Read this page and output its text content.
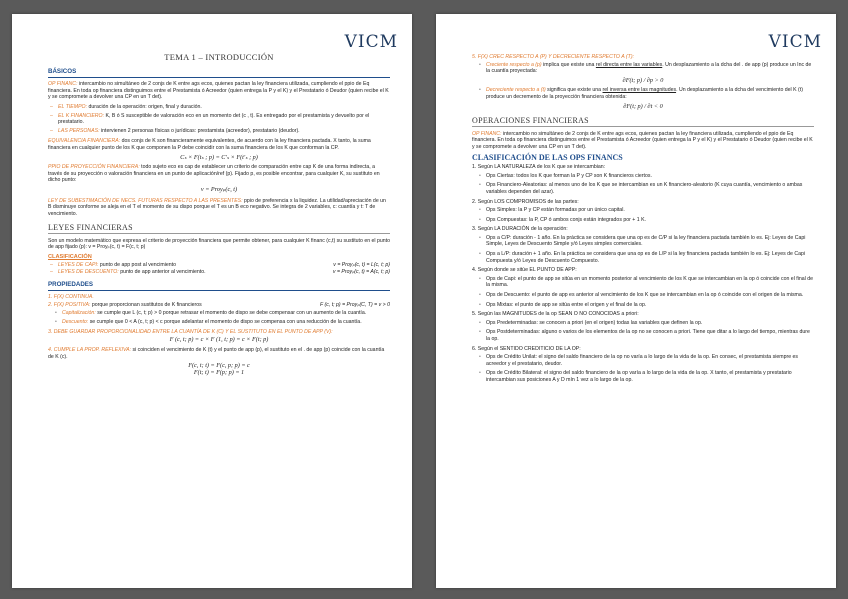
VICM
TEMA 1 – INTRODUCCIÓN
BÁSICOS

OP FINANC: intercambio no simultáneo de 2 conjs de K entre ags ecos, quienes pactan la ley financiera utilizada, cumpliendo el ppio de Eq financiera. En toda op financiera distinguimos entre el Prestamista ó Acreedor (quien entrega la P y el K) y el Prestatario ó Deudor (quien recibe el K y se compromete a devolver una CP en un T det).

– EL TIEMPO: duración de la operación: origen, final y duración.
– EL K FINANCIERO: K, B ó S susceptible de valoración eco en un momento det (c , t). Es entregado por el prestamista y devuelto por el prestatario.
– LAS PERSONAS: intervienen 2 personas físicas o jurídicas: prestamista (acreedor), prestatario (deudor).

EQUIVALENCIA FINANCIERA: dos conjs de K son financieramente equivalentes, de acuerdo con la ley financiera pactada. X tanto, la suma financiera en cualquier punto de los K que componen la P debe coincidir con la suma financiera de los K que conforman la CP.

Cₛ × F(tₛ ; p) = C'ₛ × F(t'ₛ ; p)

PPIO DE PROYECCIÓN FINANCIERA: todo sujeto eco es cap de establecer un criterio de comparación entre cap K de una forma indirecta, a través de su proyección o valoración financiera en un punto de aplicación/ref (p). Fijado p, es posible encontrar, para cualquier K, su sustituto en dicho punto:

v = Proyₚ(c, t)

LEY DE SUBESTIMACIÓN DE NECS. FUTURAS RESPECTO A LAS PRESENTES: ppio de preferencia x la liquidez. La utilidad/apreciación de un B disminuye conforme se aleja en el T el momento de su dispo porque el T es un B eco negativo. Se integra de 2 variables, c: cuantía y t: T de vencimiento.

LEYES FINANCIERAS

Son un modelo matemático que expresa el criterio de proyección financiera que permite obtener, para cualquier K financ (c,t) su sustituto en el punto de app fijado (p): v = Proyₚ(c, t) = F(c, t; p)

CLASIFICACIÓN
– LEYES DE CAPI: punto de app post al vencimiento	v = Proyₚ(c, t) = L(c, t; p)
– LEYES DE DESCUENTO: punto de app anterior al vencimiento.	v = Proyₚ(c, t) = A(c, t; p)
PROPIEDADES
1. F(X) CONTINUA.
2. F(X) POSITIVA: porque proporcionan sustitutos de K financieros	F (c, t; p) = Proyₚ(C, T) = v > 0
• Capitalización: se cumple que L (c, t; p) > 0 porque retrasar el momento de dispo se debe compensar con un aumento de la cuantía.
• Descuento: se cumple que 0 < A (c, t; p) < c porque adelantar el momento de dispo se compensa con una reducción de la cuantía.
3. DEBE GUARDAR PROPORCIONALIDAD ENTRE LA CUANTÍA DE K (C) Y EL SUSTITUTO EN EL PUNTO DE APP (V):
F (c, t; p) = c × F (1, t; p) = c × F(t; p)

4. CUMPLE LA PROP. REFLEXIVA: si coinciden el vencimiento de K (t) y el punto de app (p), el sustituto en el . de app (p) coincide con la cuantía de K (c).

F(c, t; t) = F(c, p; p) = c
F(t; t) = F(p; p) = 1
VICM
5. F(X) CREC RESPECTO A (P) Y DECRECIENTE RESPECTO A (T):
• Creciente respecto a (p) implica que existe una rel directa entre las variables. Un desplazamiento a la dcha del . de app (p) produce un Inc de la cuantía proyectada:
∂F(t; p) / ∂p > 0
• Decreciente respecto a (t) significa que existe una rel inversa entre las magnitudes. Un desplazamiento a la dcha del vencimiento del K (t) produce un decremento de la proyección financiera obtenida:
∂F(t; p) / ∂t < 0
OPERACIONES FINANCIERAS

OP FINANC: intercambio no simultáneo de 2 conjs de K entre ags ecos, quienes pactan la ley financiera utilizada, cumpliendo el ppio de Eq financiera. En toda op financiera distinguimos entre el Prestamista ó Acreedor (quien entrega la P y el K) y el Prestatario ó Deudor (quien recibe el K y se compromete a devolver una CP en un T det).

CLASIFICACIÓN DE LAS OPS FINANCS
1. Según LA NATURALEZA de los K que se intercambian:
• Ops Ciertas: todos los K que forman la P y CP son K financieros ciertos.
• Ops Financiero-Aleatorias: al menos uno de los K que se intercambian es un K financiero-aleatorio (K cuya cuantía, vencimiento o ambas variables dependen del azar).
2. Según LOS COMPROMISOS de las partes:
• Ops Simples: la P y CP están formadas por un único capital.
• Ops Compuestas: la P, CP ó ambos conjs están integrados por + 1 K.
3. Según LA DURACIÓN de la operación:
• Ops a C/P: duración - 1 año. En la práctica se considera que una op es de C/P si la ley financiera pactada también lo es. Ej: Leyes de Capi Simple, Leyes de Descuento Simple y/ó Leyes simples comerciales.
• Ops a L/P: duración + 1 año. En la práctica se considera que una op es de L/P si la ley financiera pactada también lo es. Ej: Leyes de Capi Compuesta y/ó Leyes de Descuento Compuesto.
4. Según donde se sitúe EL PUNTO DE APP:
• Ops de Capi: el punto de app se sitúa en un momento posterior al vencimiento de los K que se intercambian en la op ó coincide con el final de la misma.
• Ops de Descuento: el punto de app es anterior al vencimiento de los K que se intercambian en la op ó coincide con el origen de la misma.
• Ops Mixtas: el punto de app se sitúa entre el origen y el final de la op.
5. Según las MAGNITUDES de la op SEAN O NO CONOCIDAS a priori:
• Ops Predeterminadas: se conocen a priori (en el origen) todas las variables que definen la op.
• Ops Postdeterminadas: alguno o varios de los elementos de la op no se conocen a priori. Tiene que ditar a lo largo del tiempo, mientras dure la op.
6. Según el SENTIDO CREDITICIO DE LA OP:
• Ops de Crédito Unilat: el signo del saldo financiero de la op no varía a lo largo de la vida de la op. En consec, el prestamista siempre es acreedor y el prestatario, deudor.
• Ops de Crédito Bilateral: el signo del saldo financiero de la op varía a lo largo de la vida de la op. X tanto, el prestamista y prestatario intercambian sus posiciones A y D mín 1 vez a lo largo de la op.
